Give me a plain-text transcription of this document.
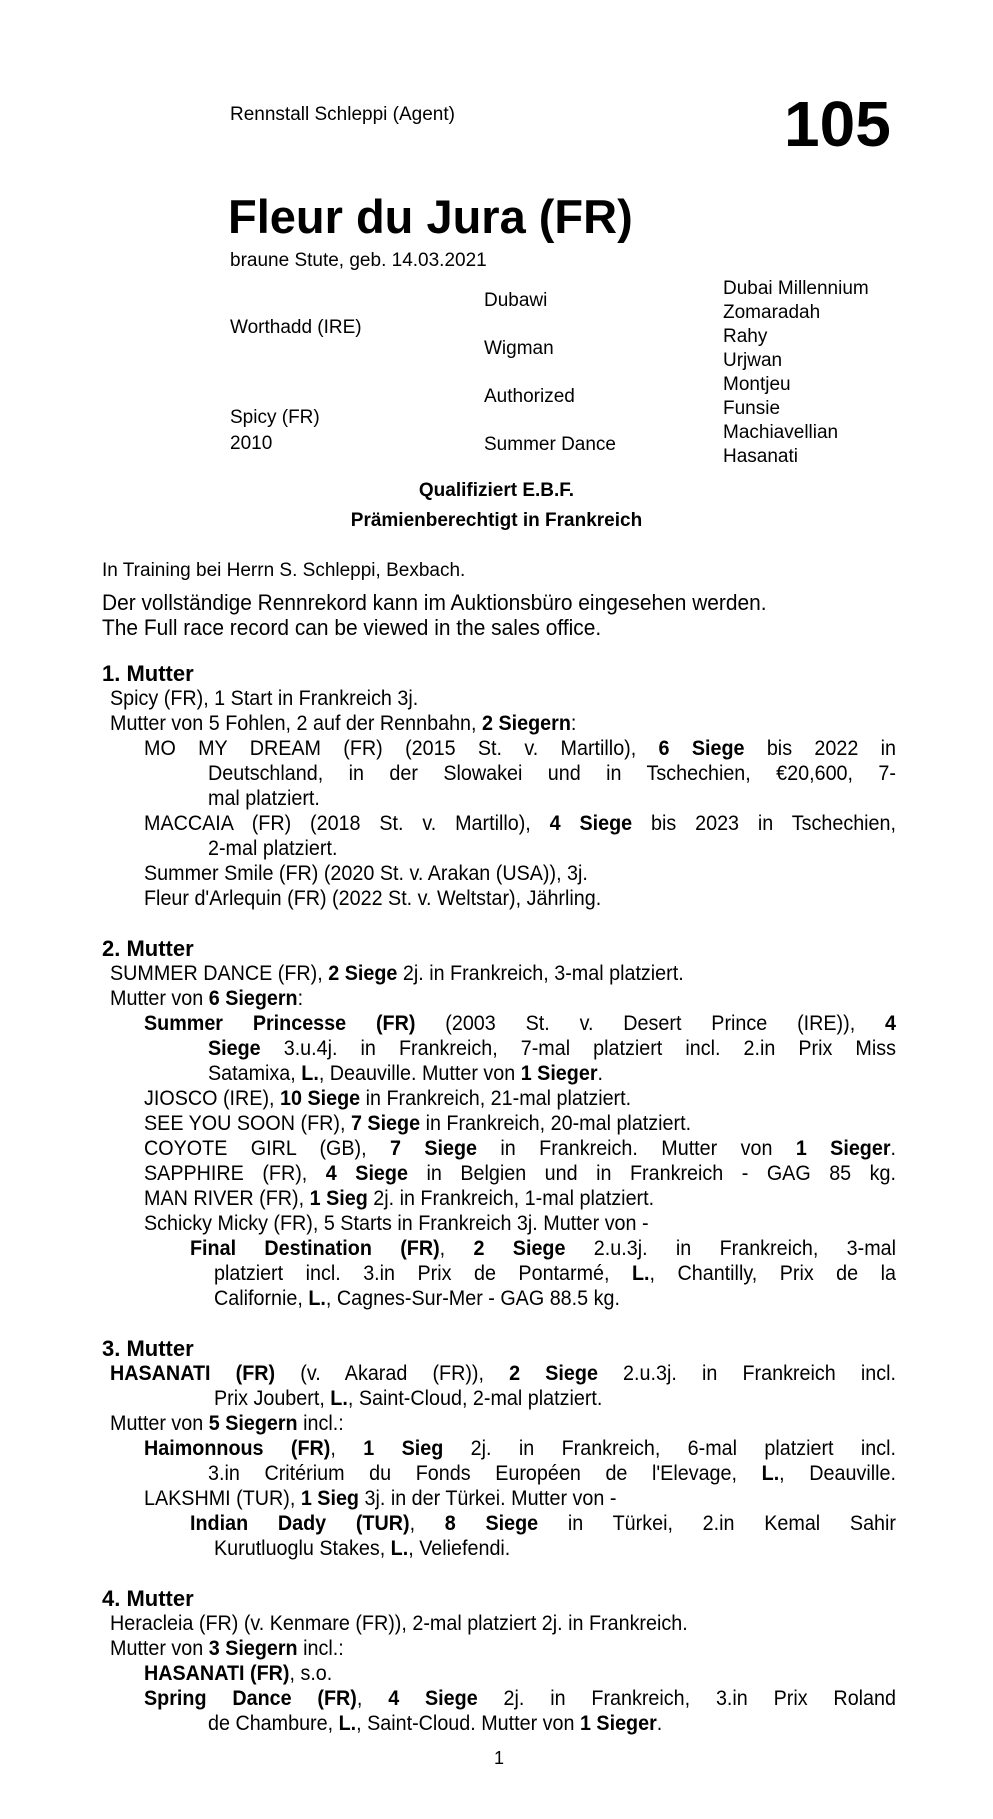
Rennstall Schleppi (Agent)	105
Fleur du Jura (FR)
braune Stute, geb. 14.03.2021
Worthadd (IRE)
Spicy (FR)
2010
Dubawi
Wigman
Authorized
Summer Dance
Dubai Millennium
Zomaradah
Rahy
Urjwan
Montjeu
Funsie
Machiavellian
Hasanati
Qualifiziert E.B.F.
Prämienberechtigt in Frankreich
In Training bei Herrn S. Schleppi, Bexbach.
Der vollständige Rennrekord kann im Auktionsbüro eingesehen werden.
The Full race record can be viewed in the sales office.
1. Mutter
Spicy (FR), 1 Start in Frankreich 3j.
Mutter von 5 Fohlen, 2 auf der Rennbahn, 2 Siegern:
MO MY DREAM (FR) (2015 St. v. Martillo), 6 Siege bis 2022 in
Deutschland, in der Slowakei und in Tschechien, €20,600, 7-
mal platziert.
MACCAIA (FR) (2018 St. v. Martillo), 4 Siege bis 2023 in Tschechien,
2-mal platziert.
Summer Smile (FR) (2020 St. v. Arakan (USA)), 3j.
Fleur d'Arlequin (FR) (2022 St. v. Weltstar), Jährling.
2. Mutter
SUMMER DANCE (FR), 2 Siege 2j. in Frankreich, 3-mal platziert.
Mutter von 6 Siegern:
Summer Princesse (FR) (2003 St. v. Desert Prince (IRE)), 4
Siege 3.u.4j. in Frankreich, 7-mal platziert incl. 2.in Prix Miss
Satamixa, L., Deauville. Mutter von 1 Sieger.
JIOSCO (IRE), 10 Siege in Frankreich, 21-mal platziert.
SEE YOU SOON (FR), 7 Siege in Frankreich, 20-mal platziert.
COYOTE GIRL (GB), 7 Siege in Frankreich. Mutter von 1 Sieger.
SAPPHIRE (FR), 4 Siege in Belgien und in Frankreich - GAG 85 kg.
MAN RIVER (FR), 1 Sieg 2j. in Frankreich, 1-mal platziert.
Schicky Micky (FR), 5 Starts in Frankreich 3j. Mutter von -
Final Destination (FR), 2 Siege 2.u.3j. in Frankreich, 3-mal
platziert incl. 3.in Prix de Pontarmé, L., Chantilly, Prix de la
Californie, L., Cagnes-Sur-Mer - GAG 88.5 kg.
3. Mutter
HASANATI (FR) (v. Akarad (FR)), 2 Siege 2.u.3j. in Frankreich incl.
Prix Joubert, L., Saint-Cloud, 2-mal platziert.
Mutter von 5 Siegern incl.:
Haimonnous (FR), 1 Sieg 2j. in Frankreich, 6-mal platziert incl.
3.in Critérium du Fonds Européen de l'Elevage, L., Deauville.
LAKSHMI (TUR), 1 Sieg 3j. in der Türkei. Mutter von -
Indian Dady (TUR), 8 Siege in Türkei, 2.in Kemal Sahir
Kurutluoglu Stakes, L., Veliefendi.
4. Mutter
Heracleia (FR) (v. Kenmare (FR)), 2-mal platziert 2j. in Frankreich.
Mutter von 3 Siegern incl.:
HASANATI (FR), s.o.
Spring Dance (FR), 4 Siege 2j. in Frankreich, 3.in Prix Roland
de Chambure, L., Saint-Cloud. Mutter von 1 Sieger.
1
